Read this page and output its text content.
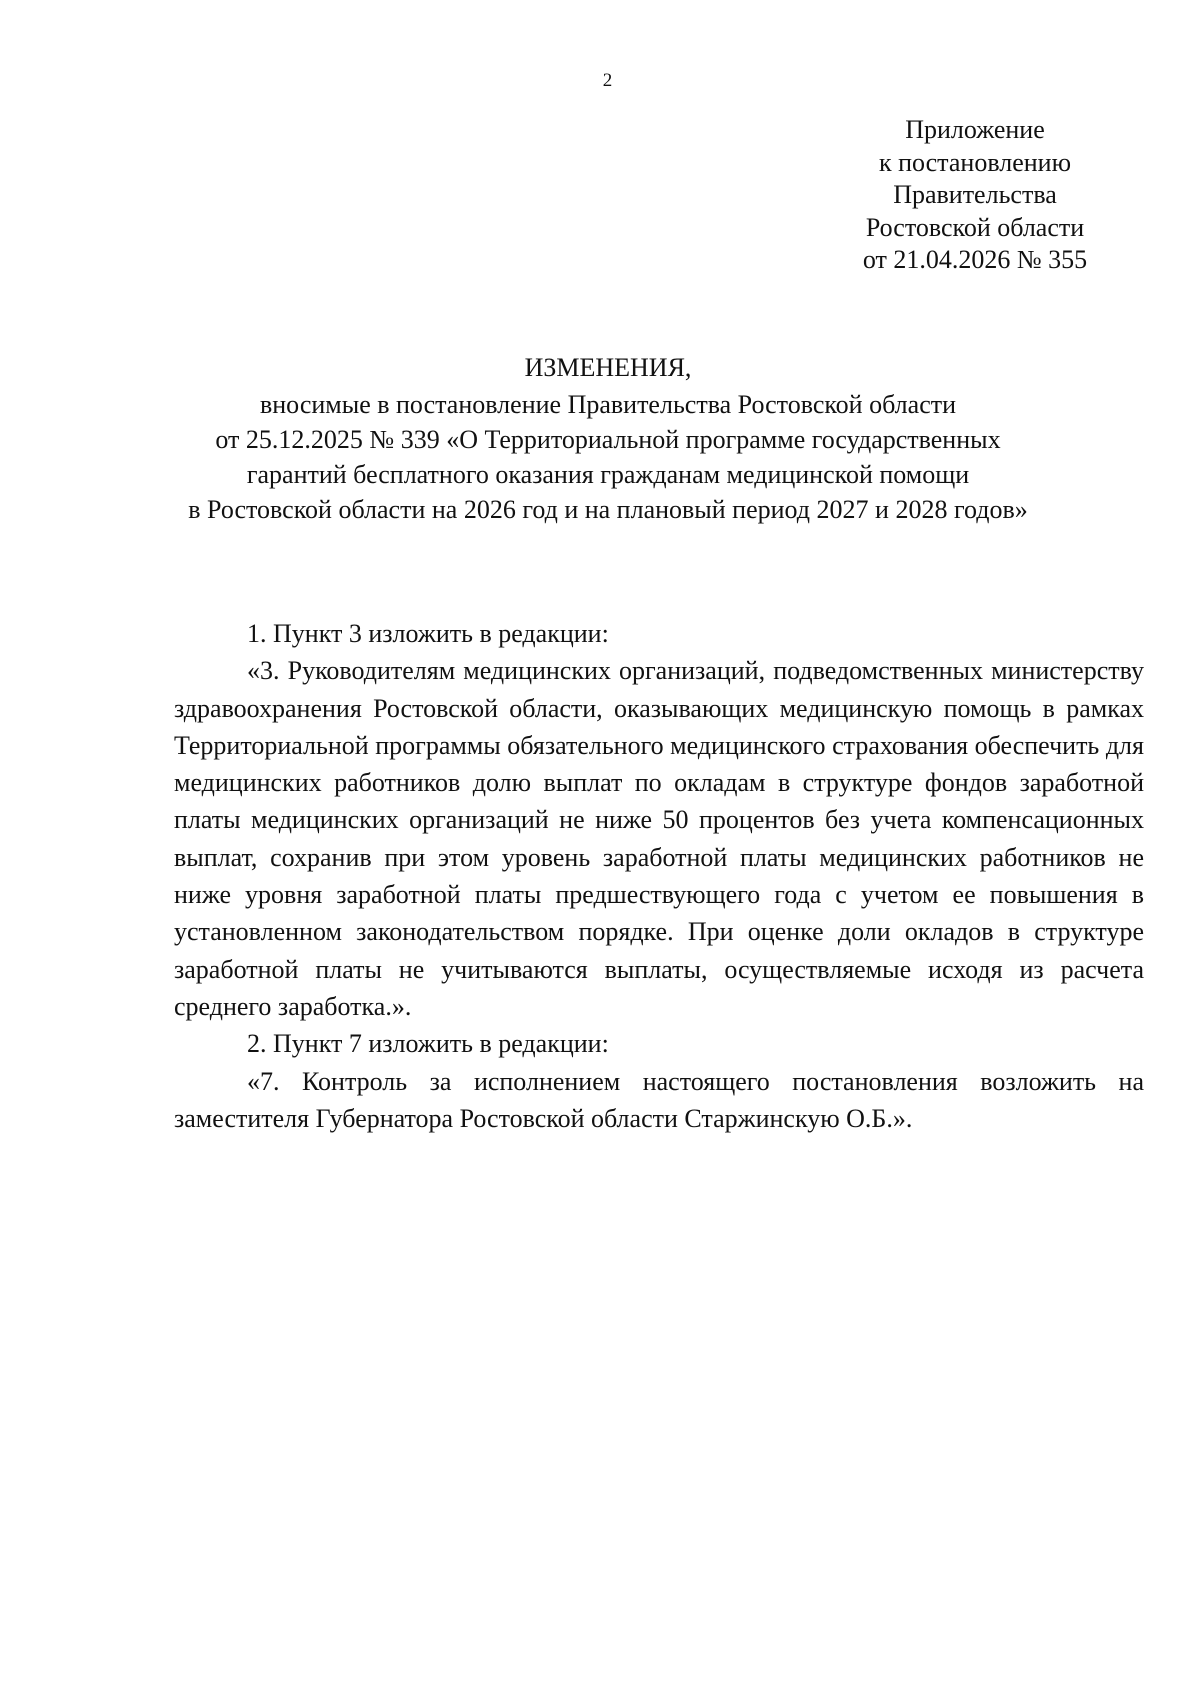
2
Приложение
к постановлению
Правительства
Ростовской области
от 21.04.2026 № 355
ИЗМЕНЕНИЯ,
вносимые в постановление Правительства Ростовской области
от 25.12.2025 № 339 «О Территориальной программе государственных
гарантий бесплатного оказания гражданам медицинской помощи
в Ростовской области на 2026 год и на плановый период 2027 и 2028 годов»

1. Пункт 3 изложить в редакции:

«3. Руководителям медицинских организаций, подведомственных министерству здравоохранения Ростовской области, оказывающих медицинскую помощь в рамках Территориальной программы обязательного медицинского страхования обеспечить для медицинских работников долю выплат по окладам в структуре фондов заработной платы медицинских организаций не ниже 50 процентов без учета компенсационных выплат, сохранив при этом уровень заработной платы медицинских работников не ниже уровня заработной платы предшествующего года с учетом ее повышения в установленном законодательством порядке. При оценке доли окладов в структуре заработной платы не учитываются выплаты, осуществляемые исходя из расчета среднего заработка.».

2. Пункт 7 изложить в редакции:

«7. Контроль за исполнением настоящего постановления возложить на заместителя Губернатора Ростовской области Старжинскую О.Б.».
